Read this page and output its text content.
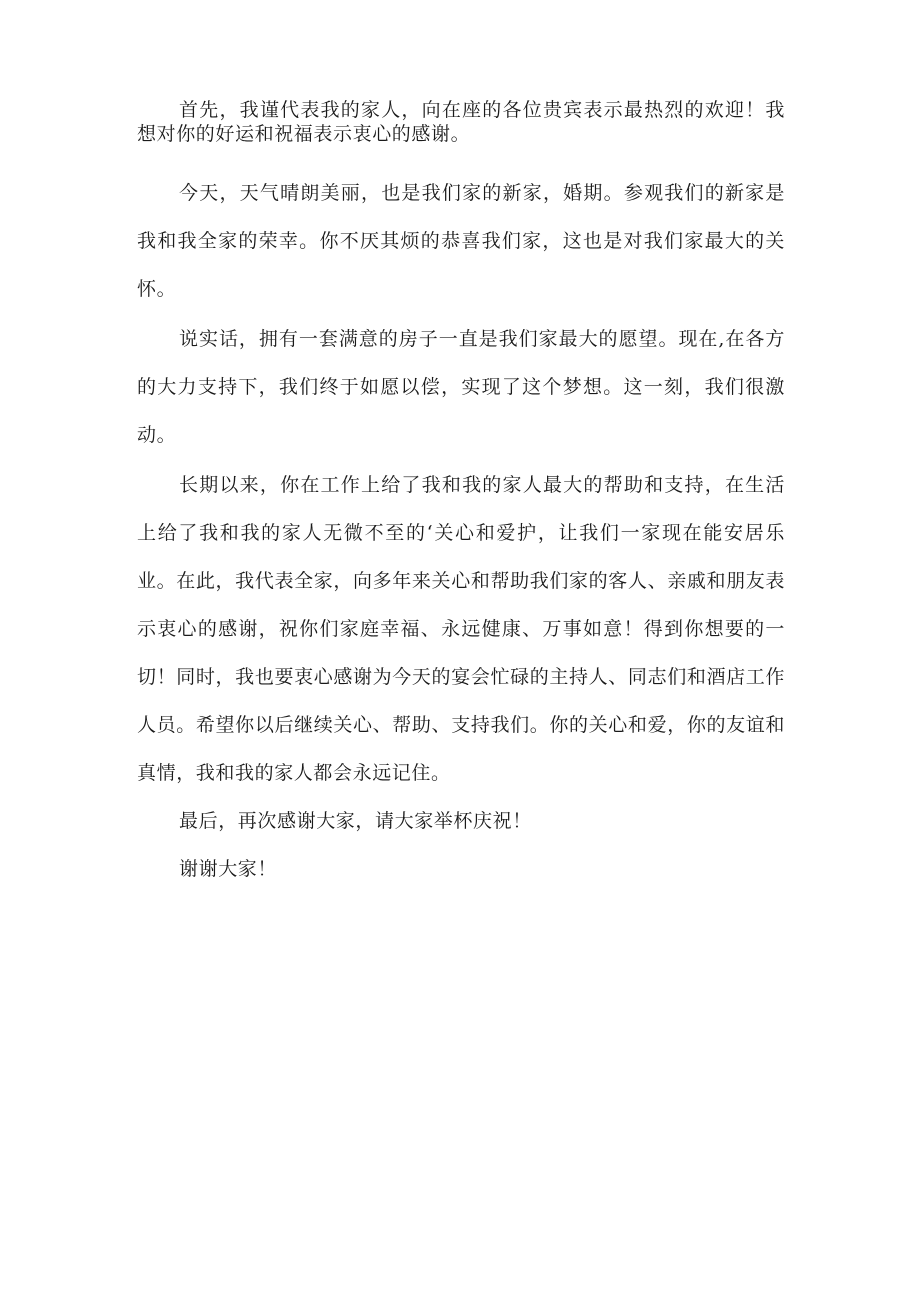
首先，我谨代表我的家人，向在座的各位贵宾表示最热烈的欢迎！我想对你的好运和祝福表示衷心的感谢。

今天，天气晴朗美丽，也是我们家的新家，婚期。参观我们的新家是我和我全家的荣幸。你不厌其烦的恭喜我们家，这也是对我们家最大的关怀。

说实话，拥有一套满意的房子一直是我们家最大的愿望。现在,在各方的大力支持下，我们终于如愿以偿，实现了这个梦想。这一刻，我们很激动。

长期以来，你在工作上给了我和我的家人最大的帮助和支持，在生活上给了我和我的家人无微不至的‘关心和爱护，让我们一家现在能安居乐业。在此，我代表全家，向多年来关心和帮助我们家的客人、亲戚和朋友表示衷心的感谢，祝你们家庭幸福、永远健康、万事如意！得到你想要的一切！同时，我也要衷心感谢为今天的宴会忙碌的主持人、同志们和酒店工作人员。希望你以后继续关心、帮助、支持我们。你的关心和爱，你的友谊和真情，我和我的家人都会永远记住。

最后，再次感谢大家，请大家举杯庆祝！

谢谢大家！
